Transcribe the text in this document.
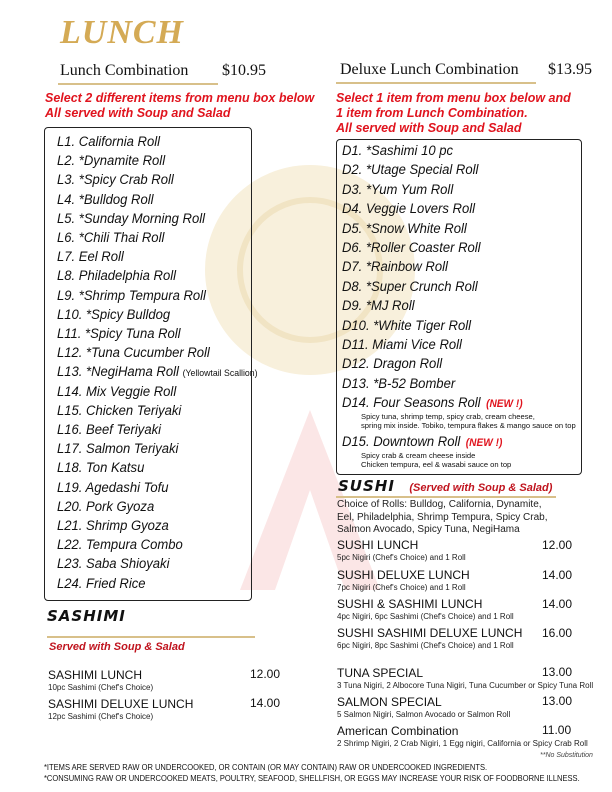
LUNCH
Lunch Combination $10.95
Select 2 different items from menu box below
All served with Soup and Salad
Deluxe Lunch Combination $13.95
Select 1 item from menu box below and
1 item from Lunch Combination.
All served with Soup and Salad
SUSHI (Served with Soup & Salad)
Choice of Rolls: Bulldog, California, Dynamite,
Eel, Philadelphia, Shrimp Tempura, Spicy Crab,
Salmon Avocado, Spicy Tuna, NegiHama
**No Substitution
SASHIMI
Served with Soup & Salad
*ITEMS ARE SERVED RAW OR UNDERCOOKED, OR CONTAIN (OR MAY CONTAIN) RAW OR UNDERCOOKED INGREDIENTS.
*CONSUMING RAW OR UNDERCOOKED MEATS, POULTRY, SEAFOOD, SHELLFISH, OR EGGS MAY INCREASE YOUR RISK OF FOODBORNE ILLNESS.
L1. California Roll
L2. *Dynamite Roll
L3. *Spicy Crab Roll
L4. *Bulldog Roll
L5. *Sunday Morning Roll
L6. *Chili Thai Roll
L7. Eel Roll
L8. Philadelphia Roll
L9. *Shrimp Tempura Roll
L10. *Spicy Bulldog
L11. *Spicy Tuna Roll
L12. *Tuna Cucumber Roll
L13. *NegiHama Roll (Yellowtail Scallion)
L14. Mix Veggie Roll
L15. Chicken Teriyaki
L16. Beef Teriyaki
L17. Salmon Teriyaki
L18. Ton Katsu
L19. Agedashi Tofu
L20. Pork Gyoza
L21. Shrimp Gyoza
L22. Tempura Combo
L23. Saba Shioyaki
L24. Fried Rice
D1. *Sashimi 10 pc
D2. *Utage Special Roll
D3. *Yum Yum Roll
D4. Veggie Lovers Roll
D5. *Snow White Roll
D6. *Roller Coaster Roll
D7. *Rainbow Roll
D8. *Super Crunch Roll
D9. *MJ Roll
D10. *White Tiger Roll
D11. Miami Vice Roll
D12. Dragon Roll
D13. *B-52 Bomber
D14. Four Seasons Roll (NEW !)
Spicy tuna, shrimp temp, spicy crab, cream cheese,
spring mix inside. Tobiko, tempura flakes & mango sauce on top
D15. Downtown Roll (NEW !)
Spicy crab & cream cheese inside
Chicken tempura, eel & wasabi sauce on top
SUSHI LUNCH	12.00
5pc Nigiri (Chef's Choice) and 1 Roll
SUSHI DELUXE LUNCH	14.00
7pc Nigiri (Chef's Choice) and 1 Roll
SUSHI & SASHIMI LUNCH	14.00
4pc Nigiri, 6pc Sashimi (Chef's Choice) and 1 Roll
SUSHI SASHIMI DELUXE LUNCH 16.00
6pc Nigiri, 8pc Sashimi (Chef's Choice) and 1 Roll
TUNA SPECIAL	13.00
3 Tuna Nigiri, 2 Albocore Tuna Nigiri, Tuna Cucumber or Spicy Tuna Roll
SALMON SPECIAL	13.00
5 Salmon Nigiri, Salmon Avocado or Salmon Roll
American Combination	11.00
2 Shrimp Nigiri, 2 Crab Nigiri, 1 Egg nigiri, California or Spicy Crab Roll
SASHIMI LUNCH	12.00
10pc Sashimi (Chef's Choice)
SASHIMI DELUXE LUNCH	14.00
12pc Sashimi (Chef's Choice)
